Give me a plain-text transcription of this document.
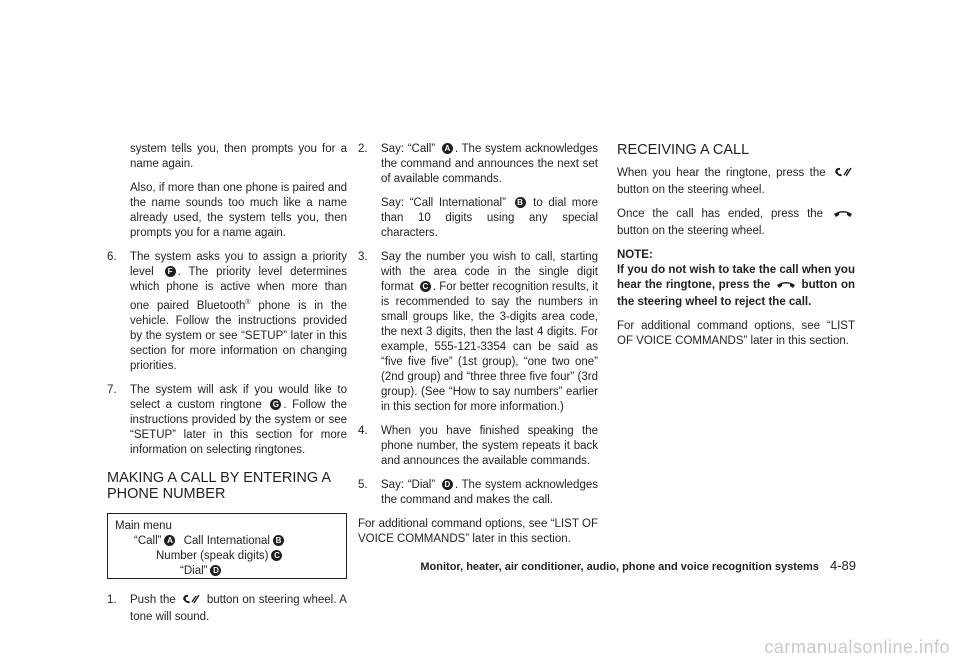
system tells you, then prompts you for a name again.

Also, if more than one phone is paired and the name sounds too much like a name already used, the system tells you, then prompts you for a name again.

6.	The system asks you to assign a priority level F . The priority level determines which phone is active when more than one paired Bluetooth® phone is in the vehicle. Follow the instructions provided by the system or see “SETUP” later in this section for more information on changing priorities.

7.	The system will ask if you would like to select a custom ringtone G . Follow the instructions provided by the system or see “SETUP” later in this section for more information on selecting ringtones.

MAKING A CALL BY ENTERING A PHONE NUMBER
Main menu
“Call” A Call International B
Number (speak digits) C
“Dial” D
1.	Push the	button on steering wheel. A tone will sound.

2.	Say: “Call” A . The system acknowledges the command and announces the next set of available commands.

Say: “Call International” B to dial more than 10 digits using any special characters.

3.	Say the number you wish to call, starting with the area code in the single digit format C . For better recognition results, it is recommended to say the numbers in small groups like, the 3-digits area code, the next 3 digits, then the last 4 digits. For example, 555-121-3354 can be said as “five five five” (1st group), “one two one” (2nd group) and “three three five four” (3rd group). (See “How to say numbers” earlier in this section for more information.)

4.	When you have finished speaking the phone number, the system repeats it back and announces the available commands.

5.	Say: “Dial” D . The system acknowledges the command and makes the call.

For additional command options, see “LIST OF VOICE COMMANDS” later in this section.

RECEIVING A CALL

When you hear the ringtone, press the  button on the steering wheel.

Once the call has ended, press the  button on the steering wheel.

NOTE:

If you do not wish to take the call when you hear the ringtone, press the	button on the steering wheel to reject the call.

For additional command options, see “LIST OF VOICE COMMANDS” later in this section.

Monitor, heater, air conditioner, audio, phone and voice recognition systems 4-89
carmanualsonline.info
